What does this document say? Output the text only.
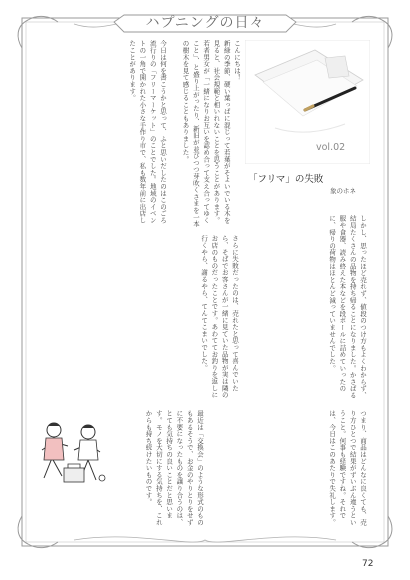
ハプニングの日々
vol.02
「フリマ」の失敗
象のホネ
こんにちは！
新緑の季節、硬い葉っぱに混じって若葉がそよいでいる木を見ると、社会規範と相いれないことを思うことがあります。若者男女が「一緒になりお互いを認め合って支え合ってゆくこと」、と盛り上がったり、新旧が並びつつ芽吹くさまを一本の樹木を見て感じることもありました。
今日は何を書こうかと思って、ふと思いだしたのはこのごろ流行りの「フリーマーケット」のことでした。地域のイベントの一角で開かれた小さな手作り市で、私も数年前に出店したことがあります。
しかし、思ったほど売れず、値段のつけ方もよくわからず、結局たくさんの品物を持ち帰ることになりました。かさばる服や食器、読み終えた本などを段ボールに詰めていったのに、帰りの荷物はほとんど減っていませんでした。
さらに失敗だったのは、売れたと思って喜んでいたら、そばでお客さんが一緒に見ていた品物が実は隣のお店のものだったことです。あわててお釣りを返しに行くやら、謝るやら、てんてこまいでした。
最近は「交換会」のような形式のものもあるそうで、お金のやりとりをせずに不要になったものを譲り合うのは、とても気持ちの良いことだと思います。モノを大切にする気持ちを、これからも持ち続けたいものです。	つまり、商品はどんなに良くても、売り方ひとつで結果がずいぶん違うということ。何事も経験ですね。それでは、今日はこのあたりで失礼します。
72
